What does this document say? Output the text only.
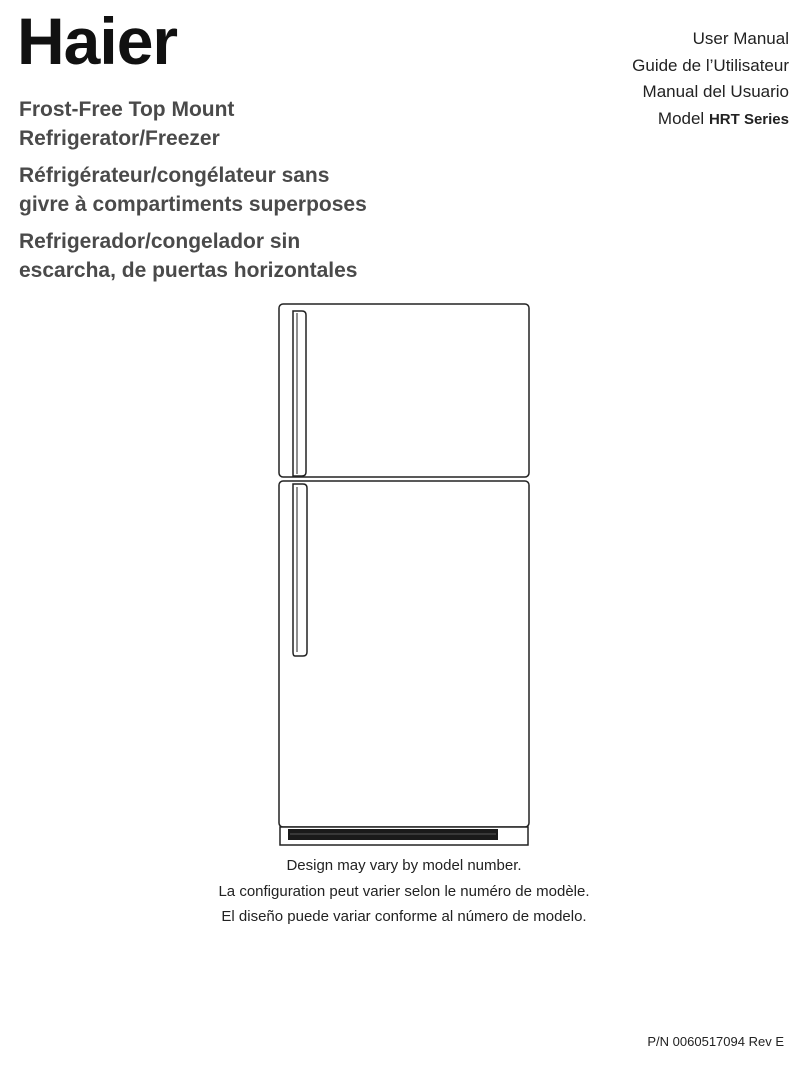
Haier	User Manual
Guide de l’Utilisateur
Manual del Usuario
Model HRT Series
Frost-Free Top Mount
Refrigerator/Freezer
Réfrigérateur/congélateur sans
givre à compartiments superposes
Refrigerador/congelador sin
escarcha, de puertas horizontales
Design may vary by model number.
La configuration peut varier selon le numéro de modèle.
El diseño puede variar conforme al número de modelo.
P/N 0060517094 Rev E
